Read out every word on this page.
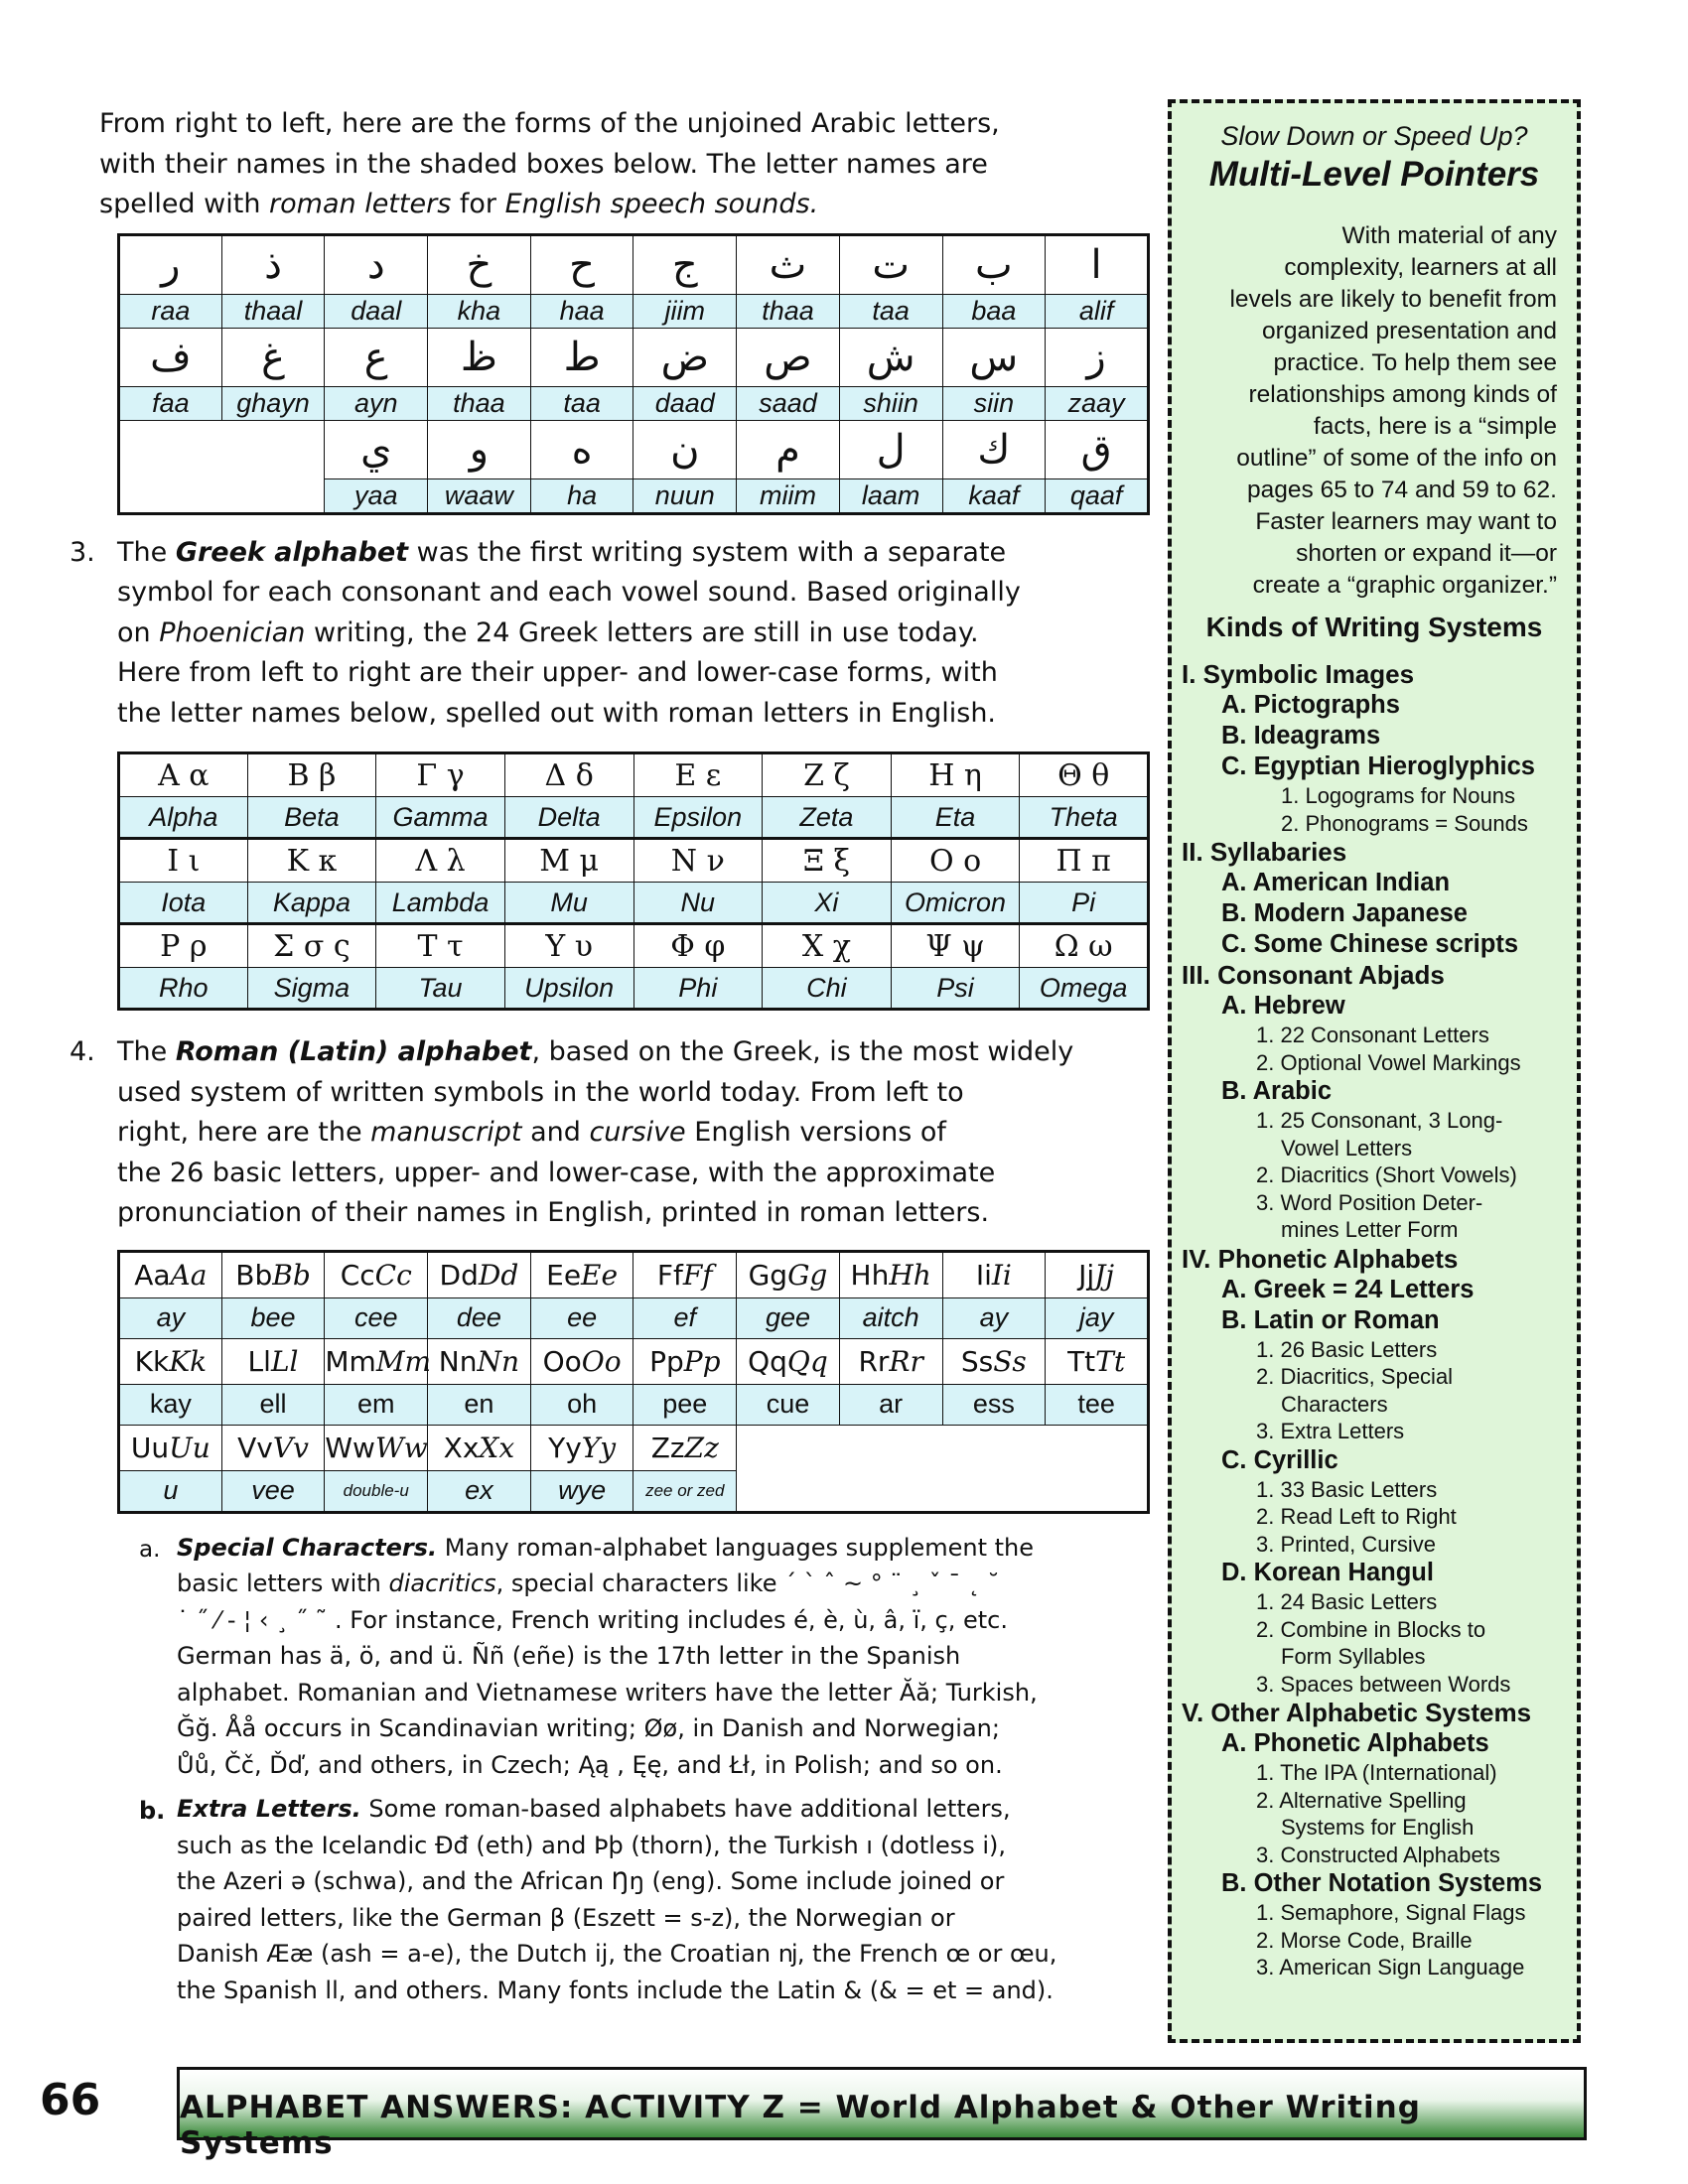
From right to left, here are the forms of the unjoined Arabic letters,

with their names in the shaded boxes below. The letter names are

spelled with roman letters for English speech sounds.

ر	ذ	د	خ	ح	ج	ث	ت	ب	ا
raa	thaal	daal	kha	haa	jiim	thaa	taa	baa	alif
ف	غ	ع	ظ	ط	ض	ص	ش	س	ز
faa	ghayn	ayn	thaa	taa	daad	saad	shiin	siin	zaay
		ي	و	ه	ن	م	ل	ك	ق
		yaa	waaw	ha	nuun	miim	laam	kaaf	qaaf
3. The Greek alphabet was the first writing system with a separate

symbol for each consonant and each vowel sound. Based originally

on Phoenician writing, the 24 Greek letters are still in use today.

Here from left to right are their upper- and lower-case forms, with

the letter names below, spelled out with roman letters in English.

Α α	Β β	Γ γ	Δ δ	Ε ε	Ζ ζ	Η η	Θ θ
Alpha	Beta	Gamma	Delta	Epsilon	Zeta	Eta	Theta
Ι ι	Κ κ	Λ λ	Μ μ	Ν ν	Ξ ξ	Ο ο	Π π
Iota	Kappa	Lambda	Mu	Nu	Xi	Omicron	Pi
Ρ ρ	Σ σ ς	Τ τ	Υ υ	Φ φ	Χ χ	Ψ ψ	Ω ω
Rho	Sigma	Tau	Upsilon	Phi	Chi	Psi	Omega
4. The Roman (Latin) alphabet, based on the Greek, is the most widely

used system of written symbols in the world today. From left to

right, here are the manuscript and cursive English versions of

the 26 basic letters, upper- and lower-case, with the approximate

pronunciation of their names in English, printed in roman letters.

AaAa	BbBb	CcCc	DdDd	EeEe	FfFf	GgGg	HhHh	IiIi	JjJj
ay	bee	cee	dee	ee	ef	gee	aitch	ay	jay
KkKk	LlLl	MmMm	NnNn	OoOo	PpPp	QqQq	RrRr	SsSs	TtTt
kay	ell	em	en	oh	pee	cue	ar	ess	tee
UuUu	VvVv	WwWw	XxXx	YyYy	ZzZz				
u	vee	double-u	ex	wye	zee or zed				
a. Special Characters. Many roman-alphabet languages supplement the

basic letters with diacritics, special characters like ´ ` ˆ ~ ° ¨ ¸ ˇ ¯ ˛ ˘

˙ ˝ ⁄ - ¦ ‹ ¸ ˝ ˜ . For instance, French writing includes é, è, ù, â, ï, ç, etc.

German has ä, ö, and ü. Ññ (eñe) is the 17th letter in the Spanish

alphabet. Romanian and Vietnamese writers have the letter Ăă; Turkish,

Ğğ. Åå occurs in Scandinavian writing; Øø, in Danish and Norwegian;

Ůů, Čč, Ďď, and others, in Czech; Ąą , Ęę, and Łł, in Polish; and so on.

b. Extra Letters. Some roman-based alphabets have additional letters,

such as the Icelandic Ðđ (eth) and Þþ (thorn), the Turkish ı (dotless i),

the Azeri ə (schwa), and the African Ŋŋ (eng). Some include joined or

paired letters, like the German β (Eszett = s-z), the Norwegian or

Danish Ææ (ash = a-e), the Dutch ĳ, the Croatian ǌ, the French œ or œu,

the Spanish ll, and others. Many fonts include the Latin & (& = et = and).

Slow Down or Speed Up?
Multi-Level Pointers
With material of any
complexity, learners at all
levels are likely to benefit from
organized presentation and
practice. To help them see
relationships among kinds of
facts, here is a “simple
outline” of some of the info on
pages 65 to 74 and 59 to 62.
Faster learners may want to
shorten or expand it—or
create a “graphic organizer.”
Kinds of Writing Systems
I. Symbolic Images
A. Pictographs
B. Ideagrams
C. Egyptian Hieroglyphics
1. Logograms for Nouns
2. Phonograms = Sounds
II. Syllabaries
A. American Indian
B. Modern Japanese
C. Some Chinese scripts
III. Consonant Abjads
A. Hebrew
1. 22 Consonant Letters
2. Optional Vowel Markings
B. Arabic
1. 25 Consonant, 3 Long-
Vowel Letters
2. Diacritics (Short Vowels)
3. Word Position Deter-
mines Letter Form
IV. Phonetic Alphabets
A. Greek = 24 Letters
B. Latin or Roman
1. 26 Basic Letters
2. Diacritics, Special
Characters
3. Extra Letters
C. Cyrillic
1. 33 Basic Letters
2. Read Left to Right
3. Printed, Cursive
D. Korean Hangul
1. 24 Basic Letters
2. Combine in Blocks to
Form Syllables
3. Spaces between Words
V. Other Alphabetic Systems
A. Phonetic Alphabets
1. The IPA (International)
2. Alternative Spelling
Systems for English
3. Constructed Alphabets
B. Other Notation Systems
1. Semaphore, Signal Flags
2. Morse Code, Braille
3. American Sign Language
66	ALPHABET ANSWERS: ACTIVITY Z = World Alphabet & Other Writing Systems
